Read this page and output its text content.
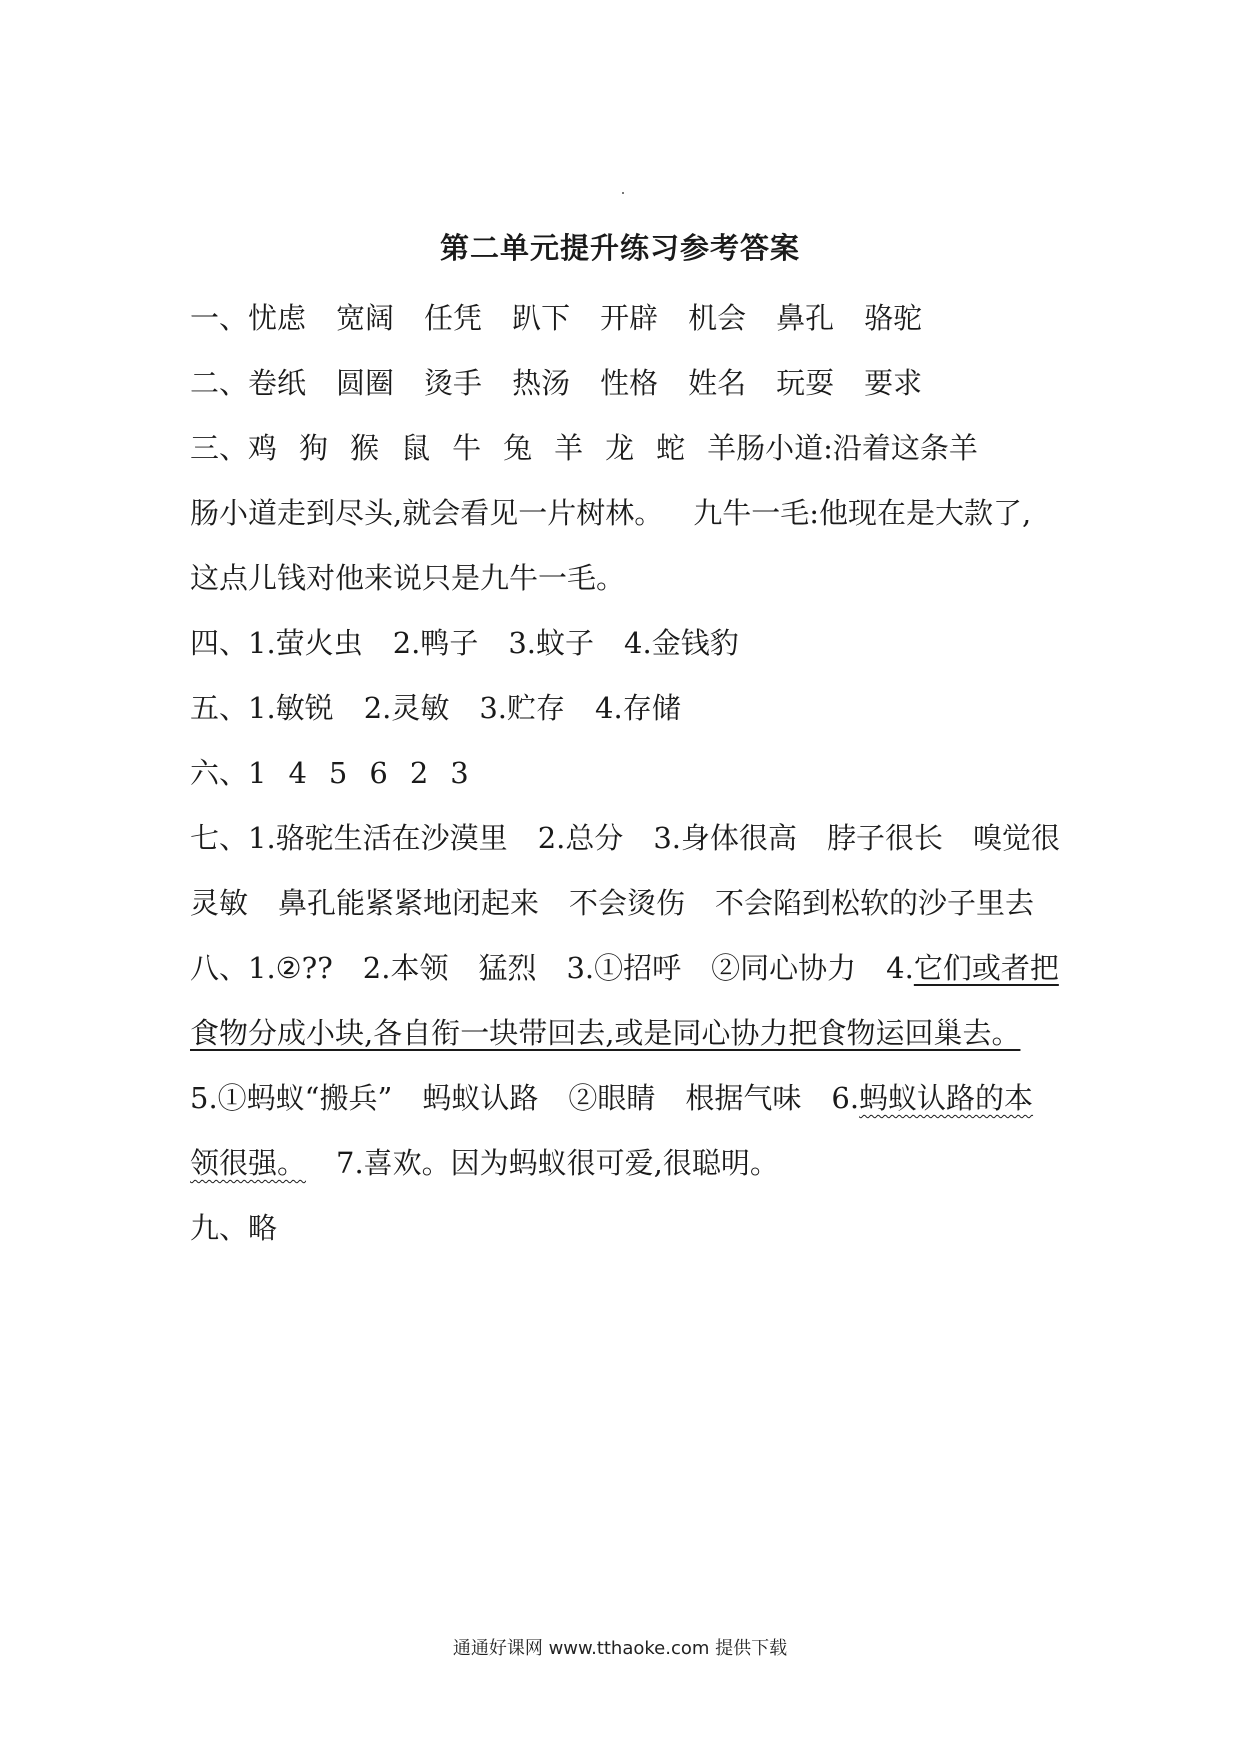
第二单元提升练习参考答案
一、忧虑 宽阔 任凭 趴下 开辟 机会 鼻孔 骆驼
二、卷纸 圆圈 烫手 热汤 性格 姓名 玩耍 要求
三、鸡 狗 猴 鼠 牛 兔 羊 龙 蛇 羊肠小道:沿着这条羊
肠小道走到尽头,就会看见一片树林。 九牛一毛:他现在是大款了,
这点儿钱对他来说只是九牛一毛。
四、1.萤火虫 2.鸭子 3.蚊子 4.金钱豹
五、1.敏锐 2.灵敏 3.贮存 4.存储
六、1 4 5 6 2 3
七、1.骆驼生活在沙漠里 2.总分 3.身体很高 脖子很长 嗅觉很
灵敏 鼻孔能紧紧地闭起来 不会烫伤 不会陷到松软的沙子里去
八、1.②?? 2.本领 猛烈 3.①招呼 ②同心协力 4.它们或者把
食物分成小块,各自衔一块带回去,或是同心协力把食物运回巢去。
5.①蚂蚁“搬兵” 蚂蚁认路 ②眼睛 根据气味 6.蚂蚁认路的本
领很强。 7.喜欢。因为蚂蚁很可爱,很聪明。
九、略
通通好课网 www.tthaoke.com 提供下载
